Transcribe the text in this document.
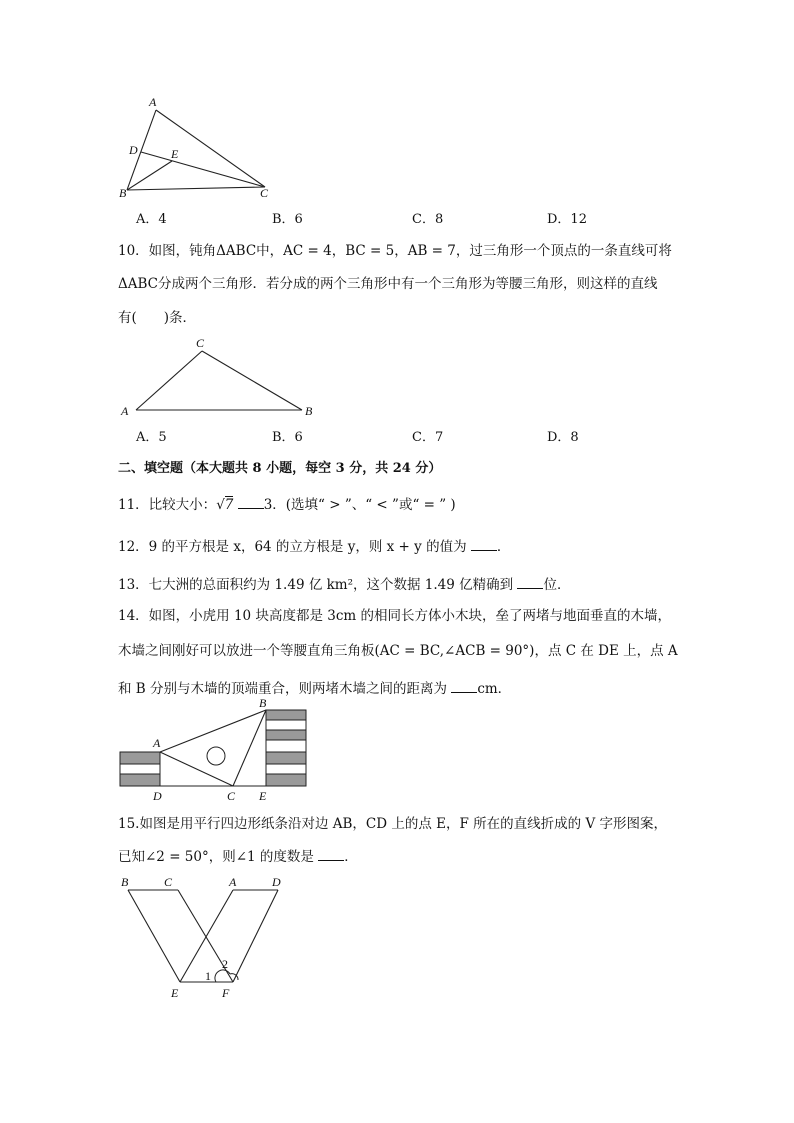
A
D	E
B	C
A．4	B．6	C．8	D．12
10．如图，钝角ΔABC中，AC = 4，BC = 5，AB = 7，过三角形一个顶点的一条直线可将
ΔABC分成两个三角形．若分成的两个三角形中有一个三角形为等腰三角形，则这样的直线
有(　　)条．
C
A	B
A．5	B．6	C．7	D．8
二、填空题（本大题共 8 小题，每空 3 分，共 24 分）
11．比较大小：√7 3．(选填“ > ”、“ < ”或“ = ” )
12．9 的平方根是 x，64 的立方根是 y，则 x + y 的值为 ．
13．七大洲的总面积约为 1.49 亿 km²，这个数据 1.49 亿精确到 位．
14．如图，小虎用 10 块高度都是 3cm 的相同长方体小木块，垒了两堵与地面垂直的木墙，
木墙之间刚好可以放进一个等腰直角三角板(AC = BC,∠ACB = 90°)，点 C 在 DE 上，点 A
和 B 分别与木墙的顶端重合，则两堵木墙之间的距离为 cm．
A
B
D	C E
15.如图是用平行四边形纸条沿对边 AB，CD 上的点 E，F 所在的直线折成的 V 字形图案，
已知∠2 = 50°，则∠1 的度数是 ．
B	C	A	D
E	F
1
2
